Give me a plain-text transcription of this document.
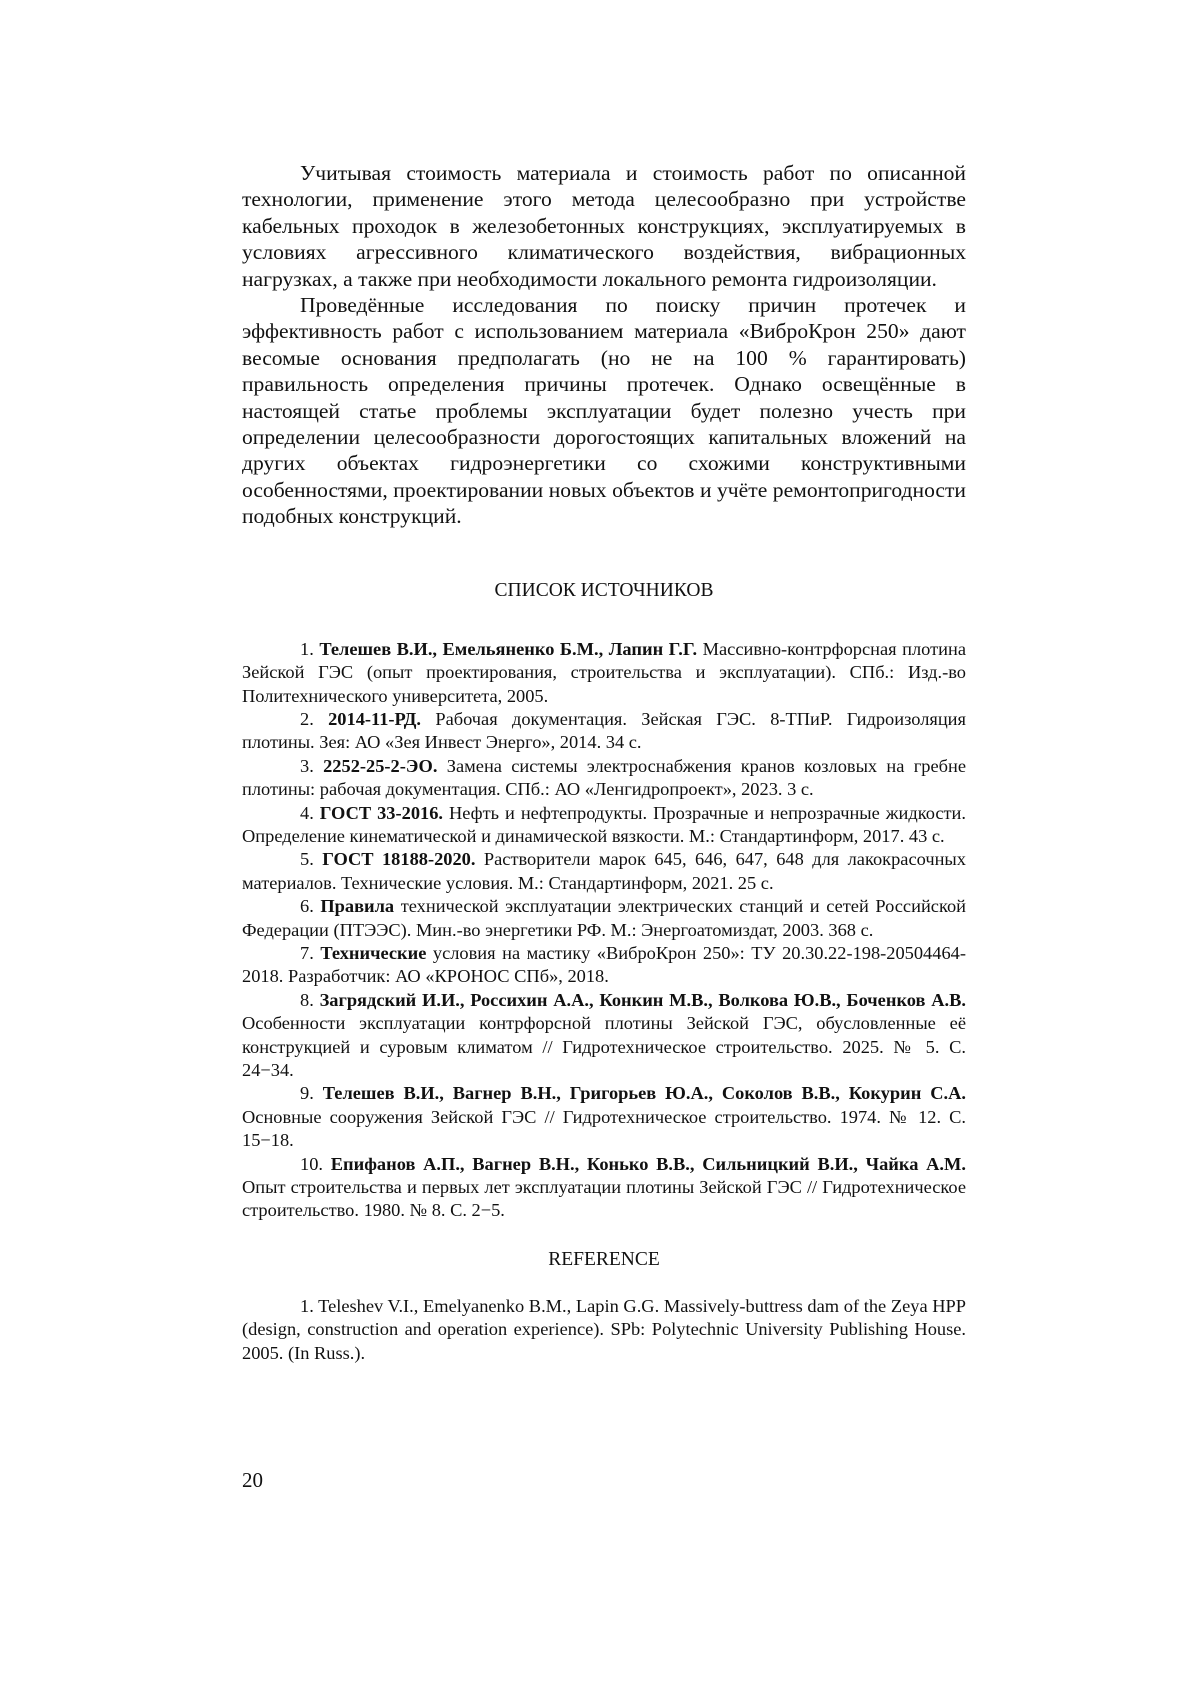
Учитывая стоимость материала и стоимость работ по описанной технологии, применение этого метода целесообразно при устройстве кабельных проходок в железобетонных конструкциях, эксплуатируемых в условиях агрессивного климатического воздействия, вибрационных нагрузках, а также при необходимости локального ремонта гидроизоляции.

Проведённые исследования по поиску причин протечек и эффективность работ с использованием материала «ВиброКрон 250» дают весомые основания предполагать (но не на 100 % гарантировать) правильность определения причины протечек. Однако освещённые в настоящей статье проблемы эксплуатации будет полезно учесть при определении целесообразности дорогостоящих капитальных вложений на других объектах гидроэнергетики со схожими конструктивными особенностями, проектировании новых объектов и учёте ремонтопригодности подобных конструкций.

СПИСОК ИСТОЧНИКОВ

1. Телешев В.И., Емельяненко Б.М., Лапин Г.Г. Массивно-контрфорсная плотина Зейской ГЭС (опыт проектирования, строительства и эксплуатации). СПб.: Изд.-во Политехнического университета, 2005.

2. 2014-11-РД. Рабочая документация. Зейская ГЭС. 8-ТПиР. Гидроизоляция плотины. Зея: АО «Зея Инвест Энерго», 2014. 34 с.

3. 2252-25-2-ЭО. Замена системы электроснабжения кранов козловых на гребне плотины: рабочая документация. СПб.: АО «Ленгидропроект», 2023. 3 с.

4. ГОСТ 33-2016. Нефть и нефтепродукты. Прозрачные и непрозрачные жидкости. Определение кинематической и динамической вязкости. М.: Стандартинформ, 2017. 43 с.

5. ГОСТ 18188-2020. Растворители марок 645, 646, 647, 648 для лакокрасочных материалов. Технические условия. М.: Стандартинформ, 2021. 25 с.

6. Правила технической эксплуатации электрических станций и сетей Российской Федерации (ПТЭЭС). Мин.-во энергетики РФ. М.: Энергоатомиздат, 2003. 368 с.

7. Технические условия на мастику «ВиброКрон 250»: ТУ 20.30.22-198-20504464-2018. Разработчик: АО «КРОНОС СПб», 2018.

8. Загрядский И.И., Россихин А.А., Конкин М.В., Волкова Ю.В., Боченков А.В. Особенности эксплуатации контрфорсной плотины Зейской ГЭС, обусловленные её конструкцией и суровым климатом // Гидротехническое строительство. 2025. № 5. С. 24−34.

9. Телешев В.И., Вагнер В.Н., Григорьев Ю.А., Соколов В.В., Кокурин С.А. Основные сооружения Зейской ГЭС // Гидротехническое строительство. 1974. № 12. С. 15−18.

10. Епифанов А.П., Вагнер В.Н., Конько В.В., Сильницкий В.И., Чайка А.М. Опыт строительства и первых лет эксплуатации плотины Зейской ГЭС // Гидротехническое строительство. 1980. № 8. С. 2−5.

REFERENCE

1. Teleshev V.I., Emelyanenko B.M., Lapin G.G. Massively-buttress dam of the Zeya HPP (design, construction and operation experience). SPb: Polytechnic University Publishing House. 2005. (In Russ.).

20
